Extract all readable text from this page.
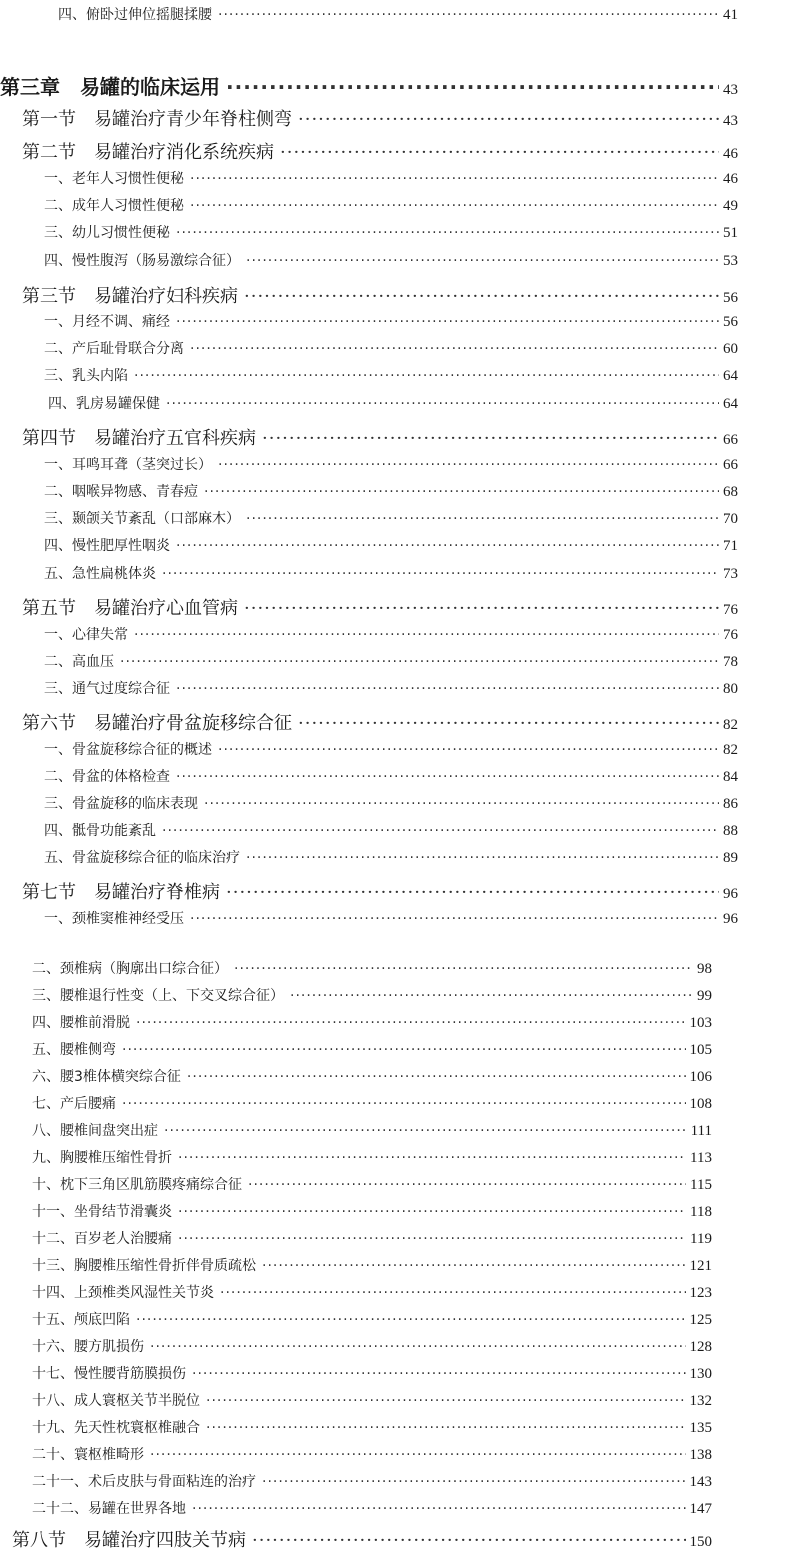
四、俯卧过伸位摇腿揉腰 ·····	41
第三章　易罐的临床运用 ·····	43
第一节　易罐治疗青少年脊柱侧弯 ·····	43
第二节　易罐治疗消化系统疾病 ·····	46
一、老年人习惯性便秘 ·····	46
二、成年人习惯性便秘 ·····	49
三、幼儿习惯性便秘 ·····	51
四、慢性腹泻（肠易激综合征） ·····	53
第三节　易罐治疗妇科疾病 ·····	56
一、月经不调、痛经 ·····	56
二、产后耻骨联合分离 ·····	60
三、乳头内陷 ·····	64
四、乳房易罐保健 ·····	64
第四节　易罐治疗五官科疾病 ·····	66
一、耳鸣耳聋（茎突过长） ·····	66
二、咽喉异物感、青春痘 ·····	68
三、颞颌关节紊乱（口部麻木） ·····	70
四、慢性肥厚性咽炎 ·····	71
五、急性扁桃体炎 ·····	73
第五节　易罐治疗心血管病 ·····	76
一、心律失常 ·····	76
二、高血压 ·····	78
三、通气过度综合征 ·····	80
第六节　易罐治疗骨盆旋移综合征 ·····	82
一、骨盆旋移综合征的概述 ·····	82
二、骨盆的体格检查 ·····	84
三、骨盆旋移的临床表现 ·····	86
四、骶骨功能紊乱 ·····	88
五、骨盆旋移综合征的临床治疗 ·····	89
第七节　易罐治疗脊椎病 ·····	96
一、颈椎窦椎神经受压 ·····	96
二、颈椎病（胸廓出口综合征） ·····	98
三、腰椎退行性变（上、下交叉综合征） ·····	99
四、腰椎前滑脱 ·····	103
五、腰椎侧弯 ·····	105
六、腰3椎体横突综合征 ·····	106
七、产后腰痛 ·····	108
八、腰椎间盘突出症 ·····	111
九、胸腰椎压缩性骨折 ·····	113
十、枕下三角区肌筋膜疼痛综合征 ·····	115
十一、坐骨结节滑囊炎 ·····	118
十二、百岁老人治腰痛 ·····	119
十三、胸腰椎压缩性骨折伴骨质疏松 ·····	121
十四、上颈椎类风湿性关节炎 ·····	123
十五、颅底凹陷 ·····	125
十六、腰方肌损伤 ·····	128
十七、慢性腰背筋膜损伤 ·····	130
十八、成人寰枢关节半脱位 ·····	132
十九、先天性枕寰枢椎融合 ·····	135
二十、寰枢椎畸形 ·····	138
二十一、术后皮肤与骨面粘连的治疗 ·····	143
二十二、易罐在世界各地 ·····	147
第八节　易罐治疗四肢关节病 ·····	150
